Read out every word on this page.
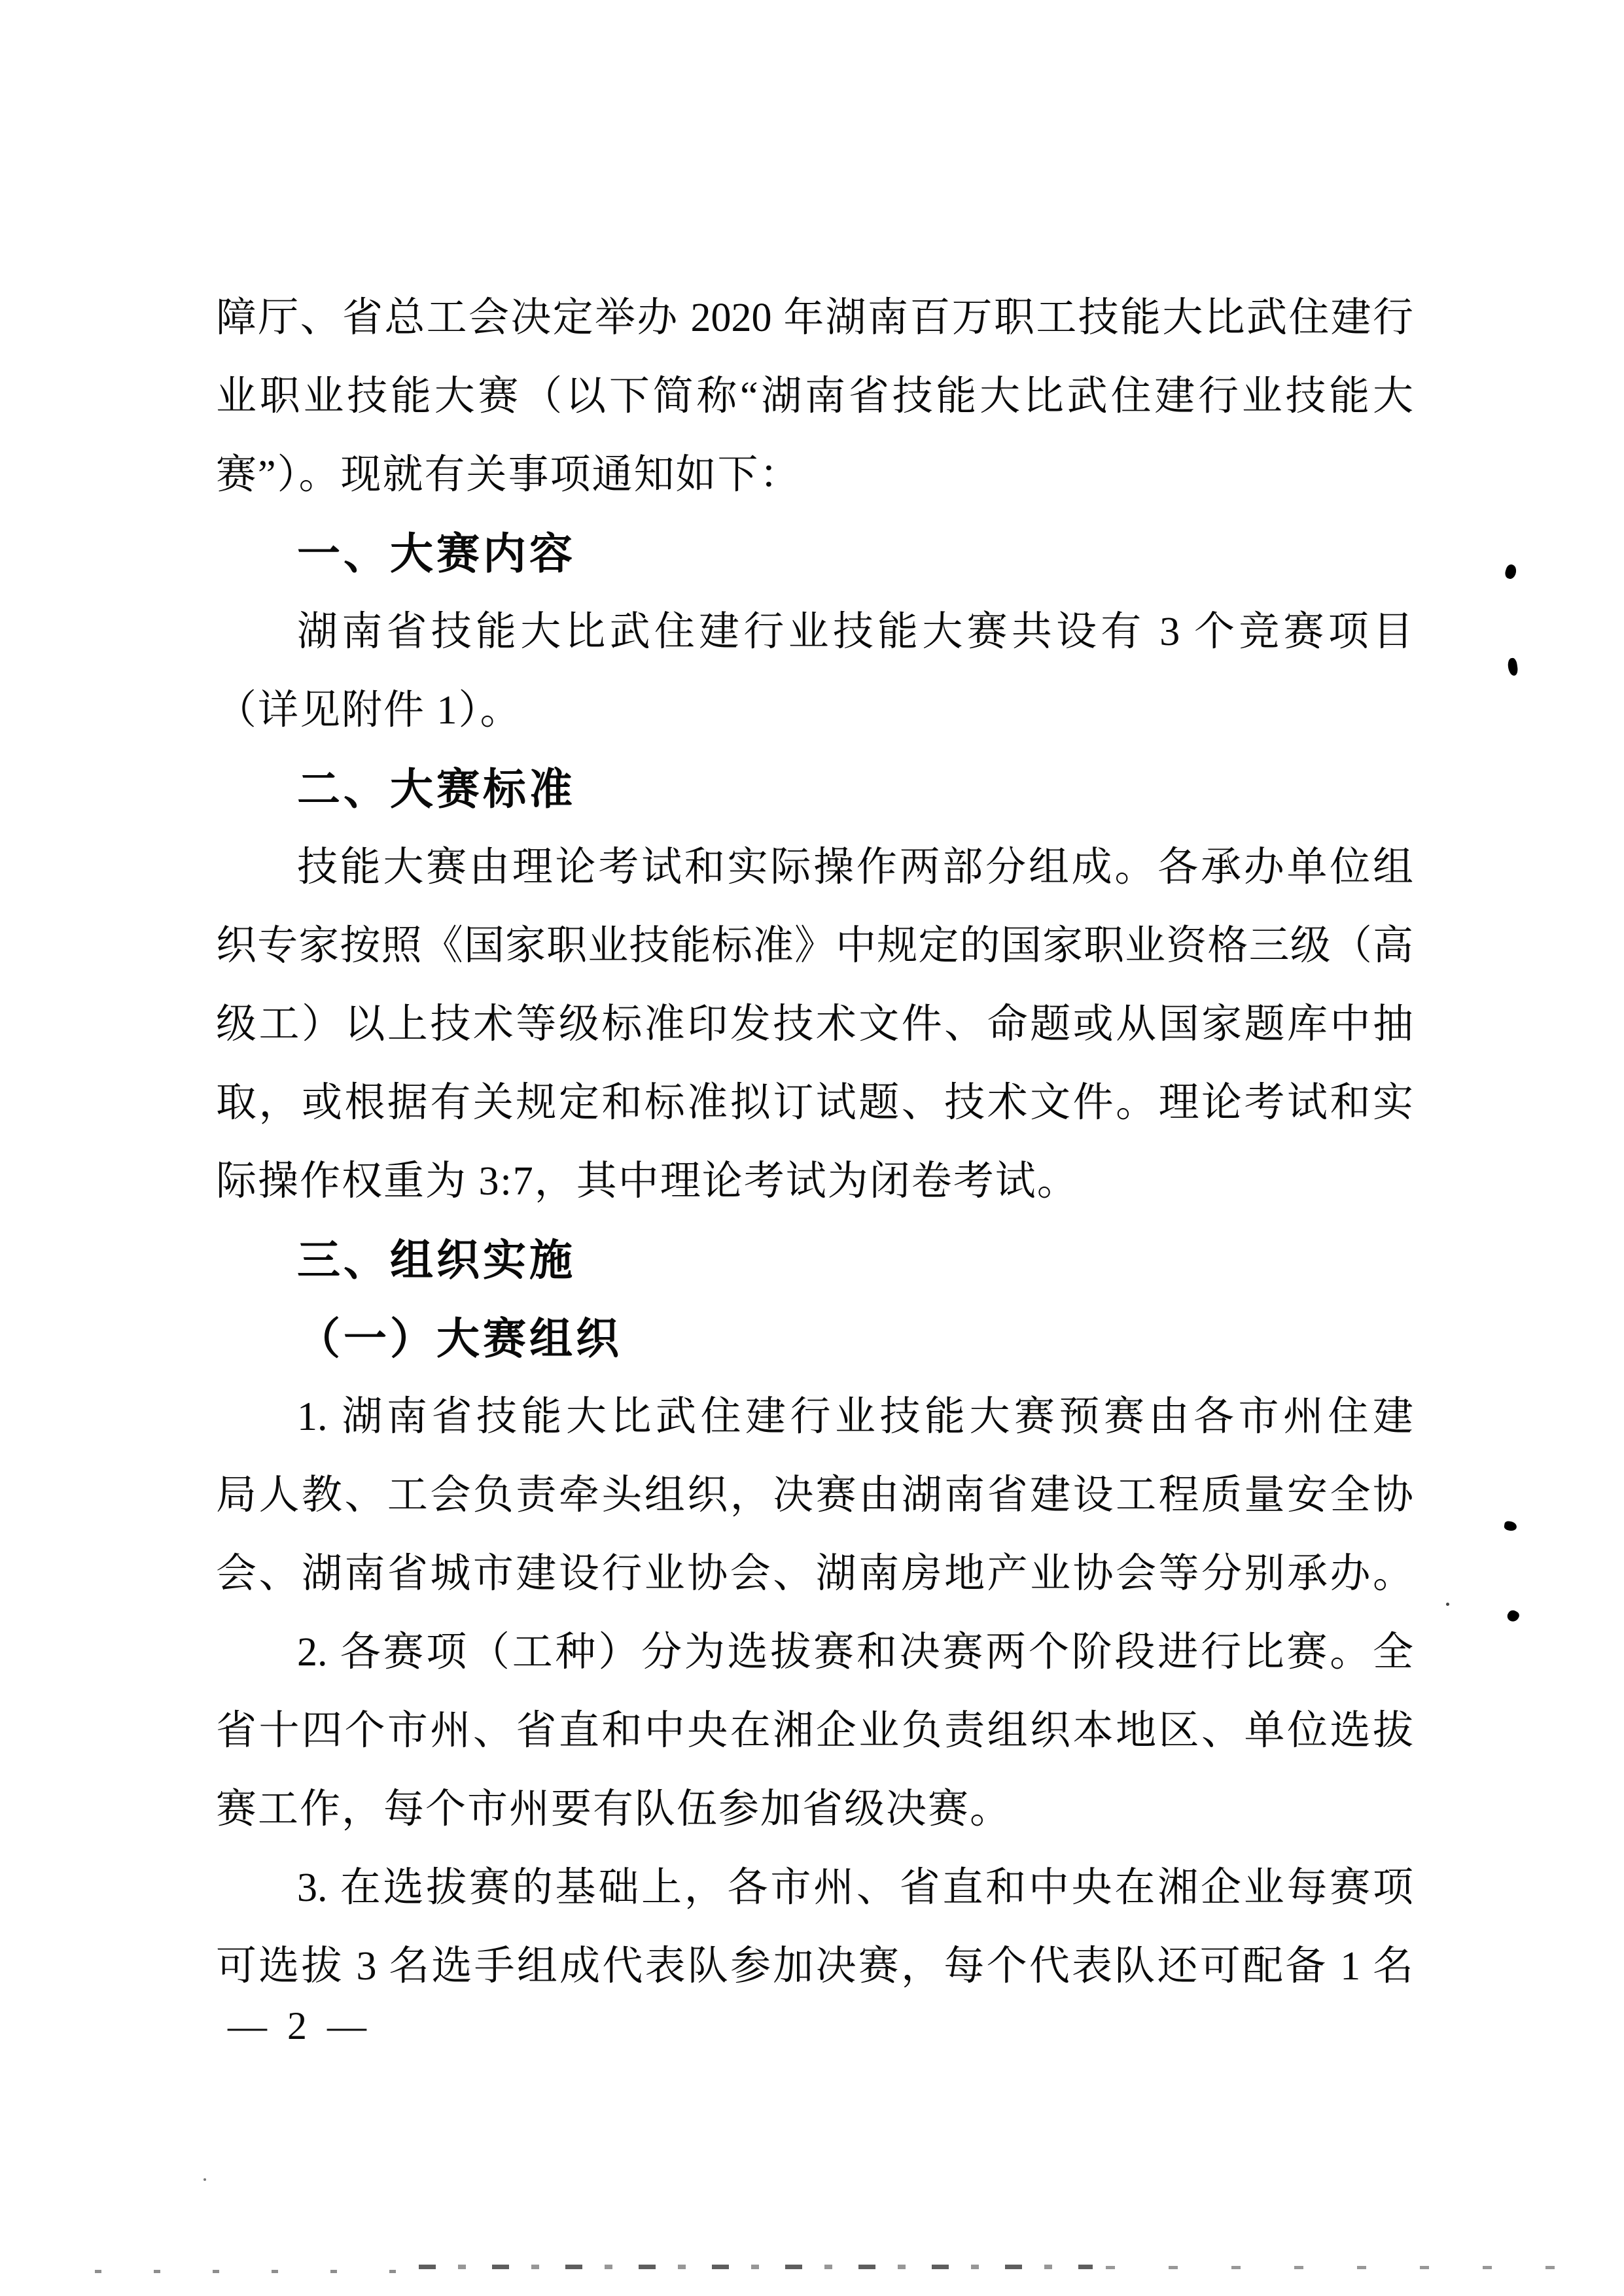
障厅、省总工会决定举办 2020 年湖南百万职工技能大比武住建行
业职业技能大赛（以下简称“湖南省技能大比武住建行业技能大
赛”）。现就有关事项通知如下：
一、大赛内容
湖南省技能大比武住建行业技能大赛共设有 3 个竞赛项目
（详见附件 1）。
二、大赛标准
技能大赛由理论考试和实际操作两部分组成。各承办单位组
织专家按照《国家职业技能标准》中规定的国家职业资格三级（高
级工）以上技术等级标准印发技术文件、命题或从国家题库中抽
取，或根据有关规定和标准拟订试题、技术文件。理论考试和实
际操作权重为 3:7，其中理论考试为闭卷考试。
三、组织实施
（一）大赛组织
1. 湖南省技能大比武住建行业技能大赛预赛由各市州住建
局人教、工会负责牵头组织，决赛由湖南省建设工程质量安全协
会、湖南省城市建设行业协会、湖南房地产业协会等分别承办。
2. 各赛项（工种）分为选拔赛和决赛两个阶段进行比赛。全
省十四个市州、省直和中央在湘企业负责组织本地区、单位选拔
赛工作，每个市州要有队伍参加省级决赛。
3. 在选拔赛的基础上，各市州、省直和中央在湘企业每赛项
可选拔 3 名选手组成代表队参加决赛，每个代表队还可配备 1 名
— 2 —
